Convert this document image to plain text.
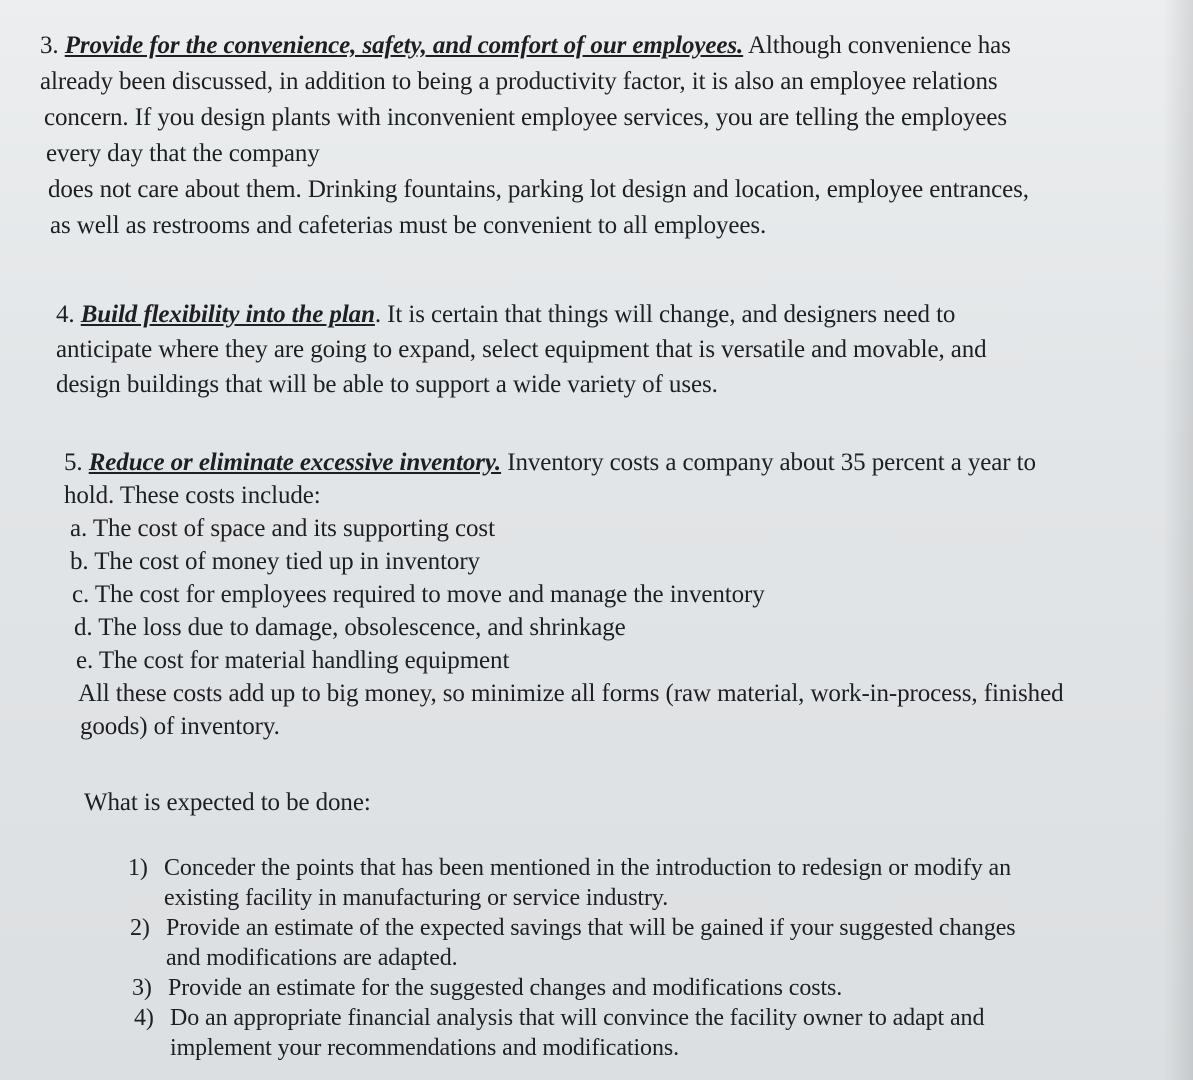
3. Provide for the convenience, safety, and comfort of our employees. Although convenience has

already been discussed, in addition to being a productivity factor, it is also an employee relations

concern. If you design plants with inconvenient employee services, you are telling the employees

every day that the company

does not care about them. Drinking fountains, parking lot design and location, employee entrances,

as well as restrooms and cafeterias must be convenient to all employees.

4. Build flexibility into the plan. It is certain that things will change, and designers need to

anticipate where they are going to expand, select equipment that is versatile and movable, and

design buildings that will be able to support a wide variety of uses.

5. Reduce or eliminate excessive inventory. Inventory costs a company about 35 percent a year to

hold. These costs include:

a. The cost of space and its supporting cost

b. The cost of money tied up in inventory

c. The cost for employees required to move and manage the inventory

d. The loss due to damage, obsolescence, and shrinkage

e. The cost for material handling equipment

All these costs add up to big money, so minimize all forms (raw material, work-in-process, finished

goods) of inventory.

What is expected to be done:

1) Conceder the points that has been mentioned in the introduction to redesign or modify an
existing facility in manufacturing or service industry.
2) Provide an estimate of the expected savings that will be gained if your suggested changes
and modifications are adapted.
3) Provide an estimate for the suggested changes and modifications costs.
4) Do an appropriate financial analysis that will convince the facility owner to adapt and
implement your recommendations and modifications.
